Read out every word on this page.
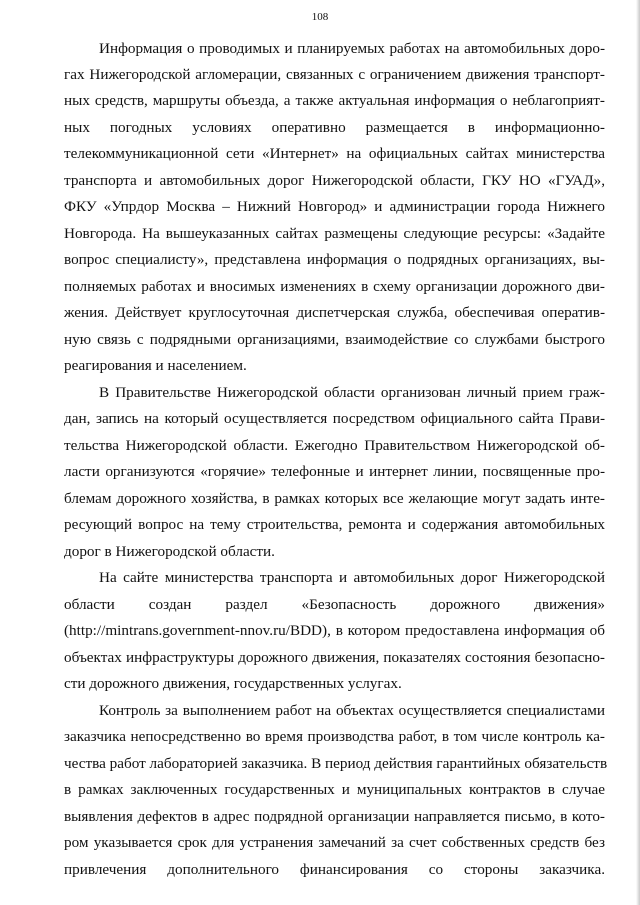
108
Информация о проводимых и планируемых работах на автомобильных доро-
гах Нижегородской агломерации, связанных с ограничением движения транспорт-
ных средств, маршруты объезда, а также актуальная информация о неблагоприят-
ных погодных условиях оперативно размещается в информационно-
телекоммуникационной сети «Интернет» на официальных сайтах министерства
транспорта и автомобильных дорог Нижегородской области, ГКУ НО «ГУАД»,
ФКУ «Упрдор Москва – Нижний Новгород» и администрации города Нижнего
Новгорода. На вышеуказанных сайтах размещены следующие ресурсы: «Задайте
вопрос специалисту», представлена информация о подрядных организациях, вы-
полняемых работах и вносимых изменениях в схему организации дорожного дви-
жения. Действует круглосуточная диспетчерская служба, обеспечивая оператив-
ную связь с подрядными организациями, взаимодействие со службами быстрого
реагирования и населением.
В Правительстве Нижегородской области организован личный прием граж-
дан, запись на который осуществляется посредством официального сайта Прави-
тельства Нижегородской области. Ежегодно Правительством Нижегородской об-
ласти организуются «горячие» телефонные и интернет линии, посвященные про-
блемам дорожного хозяйства, в рамках которых все желающие могут задать инте-
ресующий вопрос на тему строительства, ремонта и содержания автомобильных
дорог в Нижегородской области.
На сайте министерства транспорта и автомобильных дорог Нижегородской
области создан раздел «Безопасность дорожного движения»
(http://mintrans.government-nnov.ru/BDD), в котором предоставлена информация об
объектах инфраструктуры дорожного движения, показателях состояния безопасно-
сти дорожного движения, государственных услугах.
Контроль за выполнением работ на объектах осуществляется специалистами
заказчика непосредственно во время производства работ, в том числе контроль ка-
чества работ лабораторией заказчика. В период действия гарантийных обязательств
в рамках заключенных государственных и муниципальных контрактов в случае
выявления дефектов в адрес подрядной организации направляется письмо, в кото-
ром указывается срок для устранения замечаний за счет собственных средств без
привлечения дополнительного финансирования со стороны заказчика.
